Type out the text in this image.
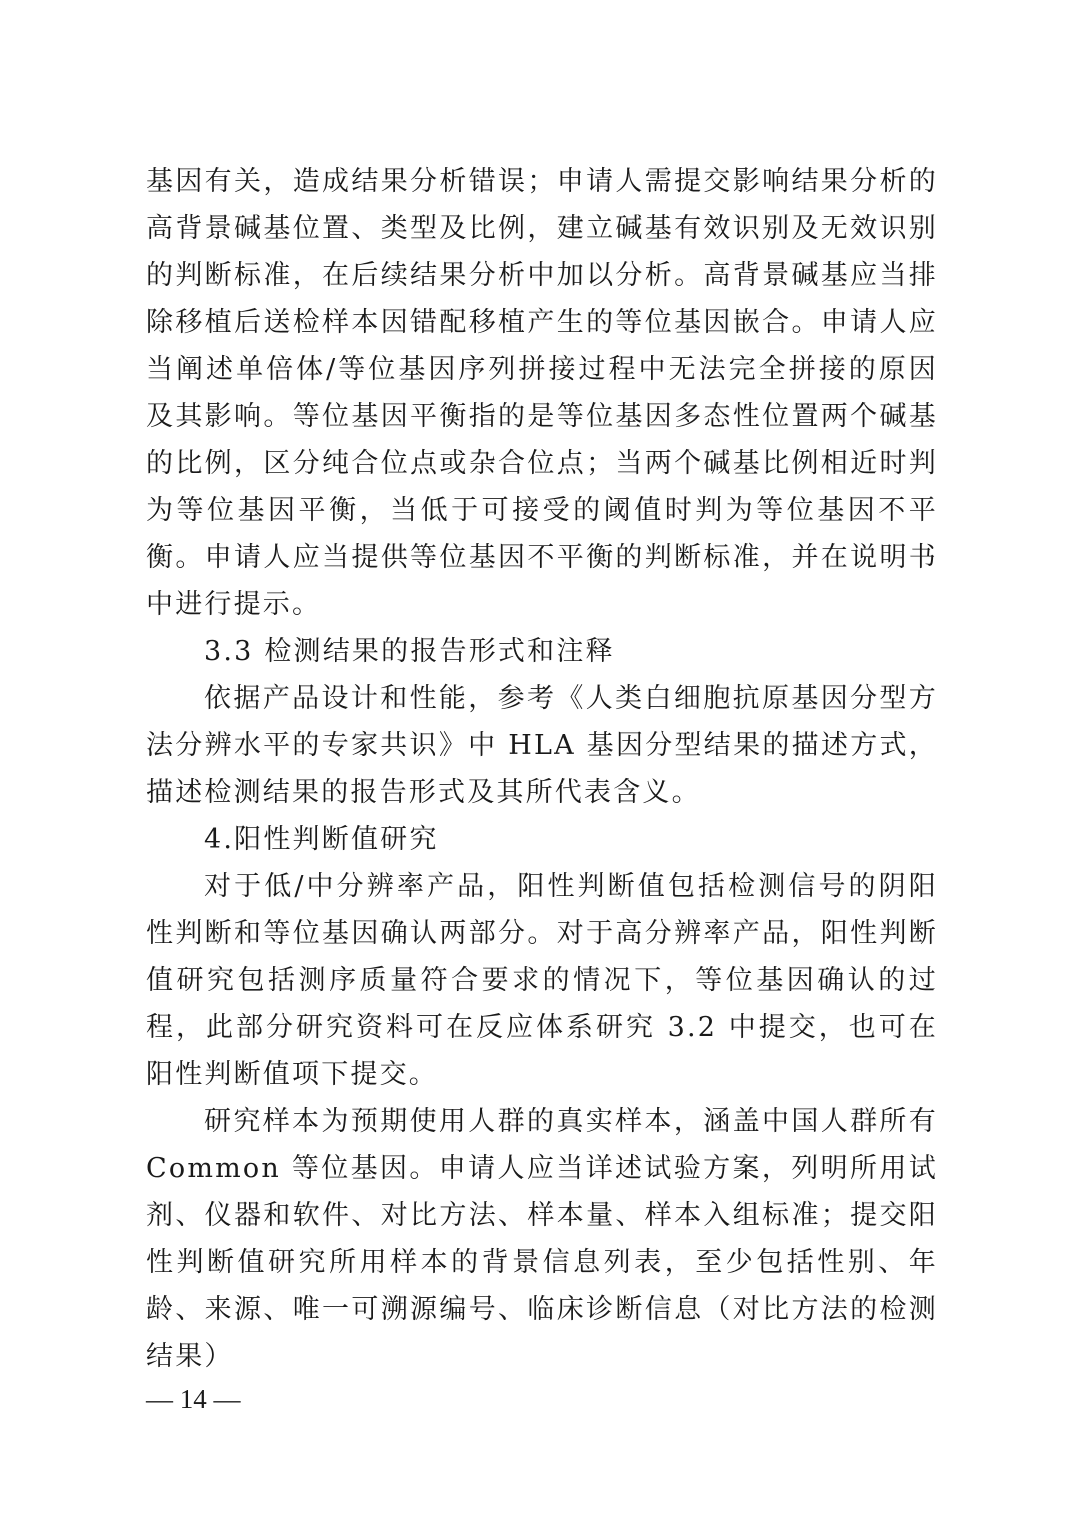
基因有关，造成结果分析错误；申请人需提交影响结果分析的高背景碱基位置、类型及比例，建立碱基有效识别及无效识别的判断标准，在后续结果分析中加以分析。高背景碱基应当排除移植后送检样本因错配移植产生的等位基因嵌合。申请人应当阐述单倍体/等位基因序列拼接过程中无法完全拼接的原因及其影响。等位基因平衡指的是等位基因多态性位置两个碱基的比例，区分纯合位点或杂合位点；当两个碱基比例相近时判为等位基因平衡，当低于可接受的阈值时判为等位基因不平衡。申请人应当提供等位基因不平衡的判断标准，并在说明书中进行提示。

3.3 检测结果的报告形式和注释

依据产品设计和性能，参考《人类白细胞抗原基因分型方法分辨水平的专家共识》中 HLA 基因分型结果的描述方式，描述检测结果的报告形式及其所代表含义。

4.阳性判断值研究

对于低/中分辨率产品，阳性判断值包括检测信号的阴阳性判断和等位基因确认两部分。对于高分辨率产品，阳性判断值研究包括测序质量符合要求的情况下，等位基因确认的过程，此部分研究资料可在反应体系研究 3.2 中提交，也可在阳性判断值项下提交。

研究样本为预期使用人群的真实样本，涵盖中国人群所有 Common 等位基因。申请人应当详述试验方案，列明所用试剂、仪器和软件、对比方法、样本量、样本入组标准；提交阳性判断值研究所用样本的背景信息列表，至少包括性别、年龄、来源、唯一可溯源编号、临床诊断信息（对比方法的检测结果）

— 14 —
